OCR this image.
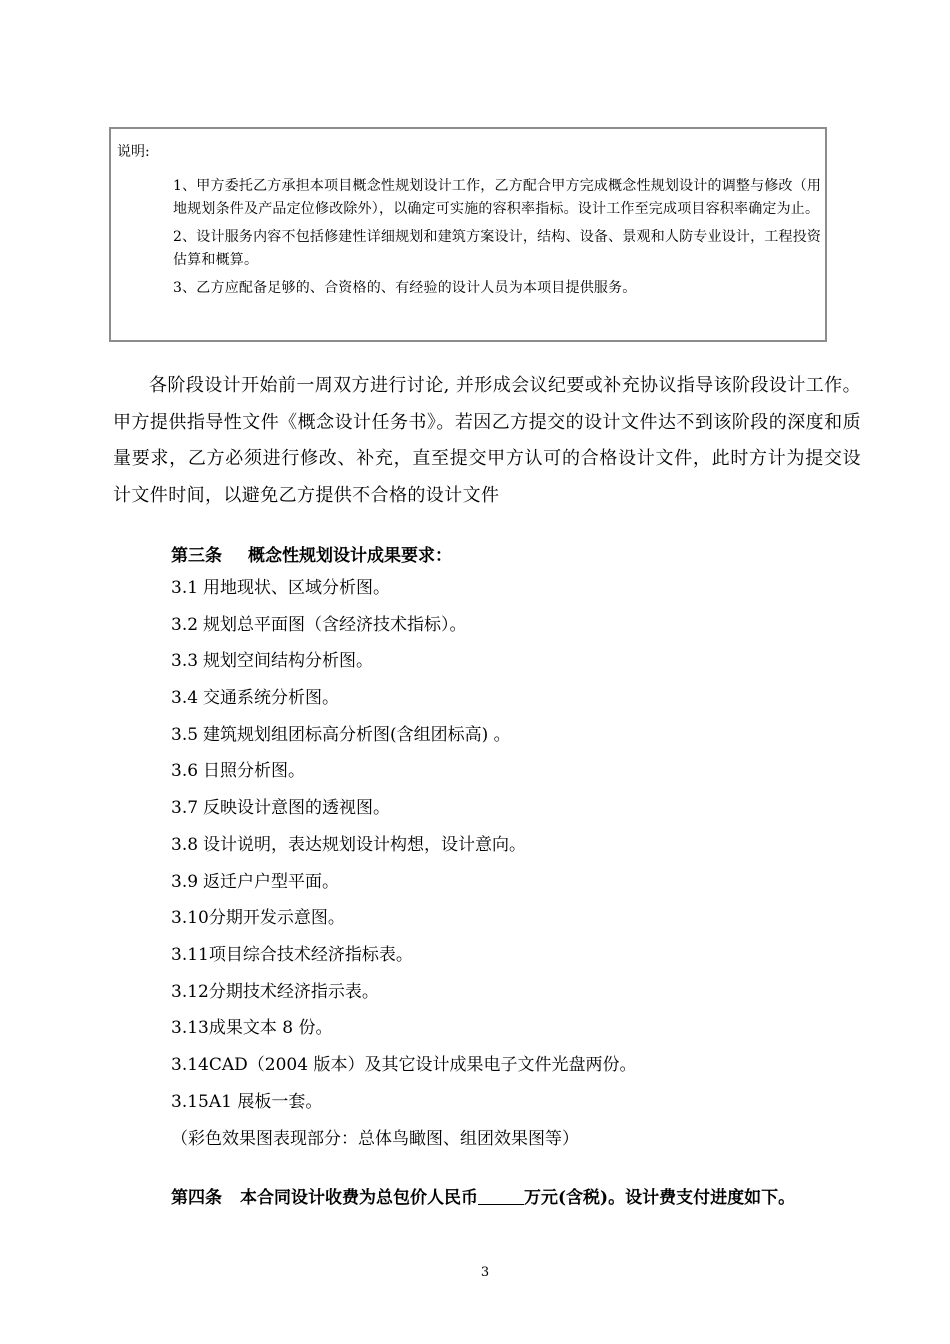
说明:

1、甲方委托乙方承担本项目概念性规划设计工作，乙方配合甲方完成概念性规划设计的调整与修改（用地规划条件及产品定位修改除外），以确定可实施的容积率指标。设计工作至完成项目容积率确定为止。

2、设计服务内容不包括修建性详细规划和建筑方案设计，结构、设备、景观和人防专业设计，工程投资估算和概算。

3、乙方应配备足够的、合资格的、有经验的设计人员为本项目提供服务。

各阶段设计开始前一周双方进行讨论, 并形成会议纪要或补充协议指导该阶段设计工作。甲方提供指导性文件《概念设计任务书》。若因乙方提交的设计文件达不到该阶段的深度和质量要求，乙方必须进行修改、补充，直至提交甲方认可的合格设计文件，此时方计为提交设计文件时间，以避免乙方提供不合格的设计文件

第三条 概念性规划设计成果要求：

3.1 用地现状、区域分析图。
3.2 规划总平面图（含经济技术指标）。
3.3 规划空间结构分析图。
3.4 交通系统分析图。
3.5 建筑规划组团标高分析图(含组团标高) 。
3.6 日照分析图。
3.7 反映设计意图的透视图。
3.8 设计说明，表达规划设计构想，设计意向。
3.9 返迁户户型平面。
3.10分期开发示意图。
3.11项目综合技术经济指标表。
3.12分期技术经济指示表。
3.13成果文本 8 份。
3.14CAD（2004 版本）及其它设计成果电子文件光盘两份。
3.15A1 展板一套。
（彩色效果图表现部分：总体鸟瞰图、组团效果图等）

第四条 本合同设计收费为总包价人民币	万元(含税)。设计费支付进度如下。

3
